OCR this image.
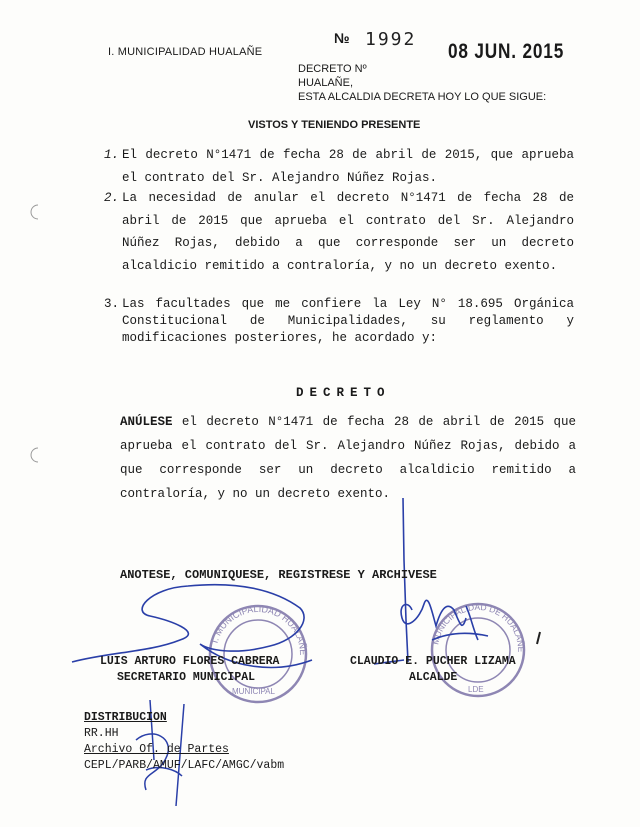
I. MUNICIPALIDAD HUALAÑE
MUNICIPAL
MUNICIPALIDAD DE HUALAÑE
LDE
I. MUNICIPALIDAD HUALAÑE
№ 1992
08 JUN. 2015
DECRETO Nº
HUALAÑE,
ESTA ALCALDIA DECRETA HOY LO QUE SIGUE:
VISTOS Y TENIENDO PRESENTE
1. El decreto N°1471 de fecha 28 de abril de 2015, que aprueba el contrato del Sr. Alejandro Núñez Rojas.
2. La necesidad de anular el decreto N°1471 de fecha 28 de abril de 2015 que aprueba el contrato del Sr. Alejandro Núñez Rojas, debido a que corresponde ser un decreto alcaldicio remitido a contraloría, y no un decreto exento.
3. Las facultades que me confiere la Ley N° 18.695 Orgánica Constitucional de Municipalidades, su reglamento y modificaciones posteriores, he acordado y:
DECRETO
ANÚLESE el decreto N°1471 de fecha 28 de abril de 2015 que aprueba el contrato del Sr. Alejandro Núñez Rojas, debido a que corresponde ser un decreto alcaldicio remitido a contraloría, y no un decreto exento.
ANOTESE, COMUNIQUESE, REGISTRESE Y ARCHIVESE
LUIS ARTURO FLORES CABRERA
SECRETARIO MUNICIPAL
CLAUDIO E. PUCHER LIZAMA
ALCALDE
DISTRIBUCION
RR.HH
Archivo Of. de Partes
CEPL/PARB/AMUF/LAFC/AMGC/vabm
